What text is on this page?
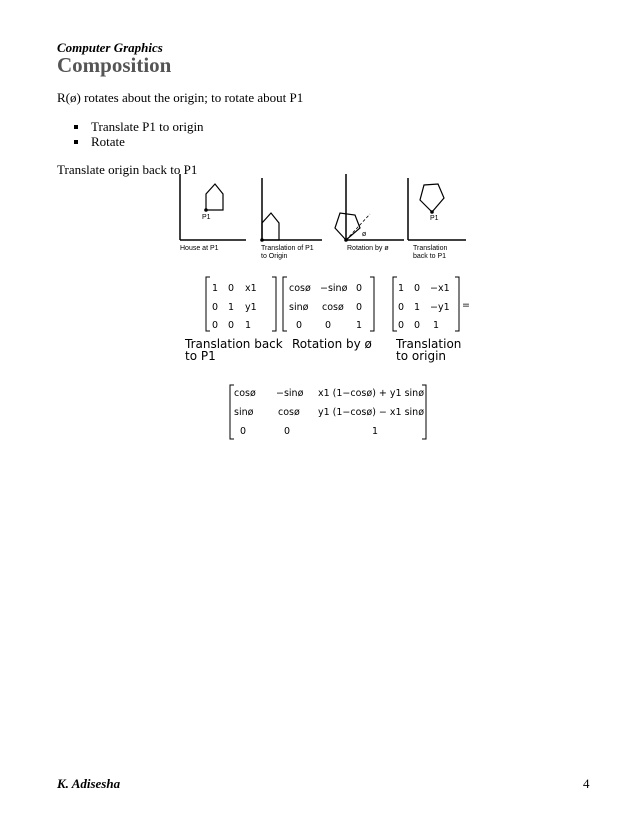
Computer Graphics
Composition
R(ø) rotates about the origin; to rotate about P1
Translate P1 to origin
Rotate
Translate origin back to P1
P1
ø
P1
House at P1	Translation of P1 to Origin
Rotation by ø	Translation back to P1
1 0 x1
0 1 y1
0 0 1
cosø −sinø 0
sinø cosø 0
0 0	1
1 0 −x1
0 1 −y1
0 0 1
=
Translation back to P1
Rotation by ø	Translation to origin
cosø −sinø x1 (1−cosø) + y1 sinø
sinø	cosø y1 (1−cosø) − x1 sinø
0	0	1
K. Adisesha	4
